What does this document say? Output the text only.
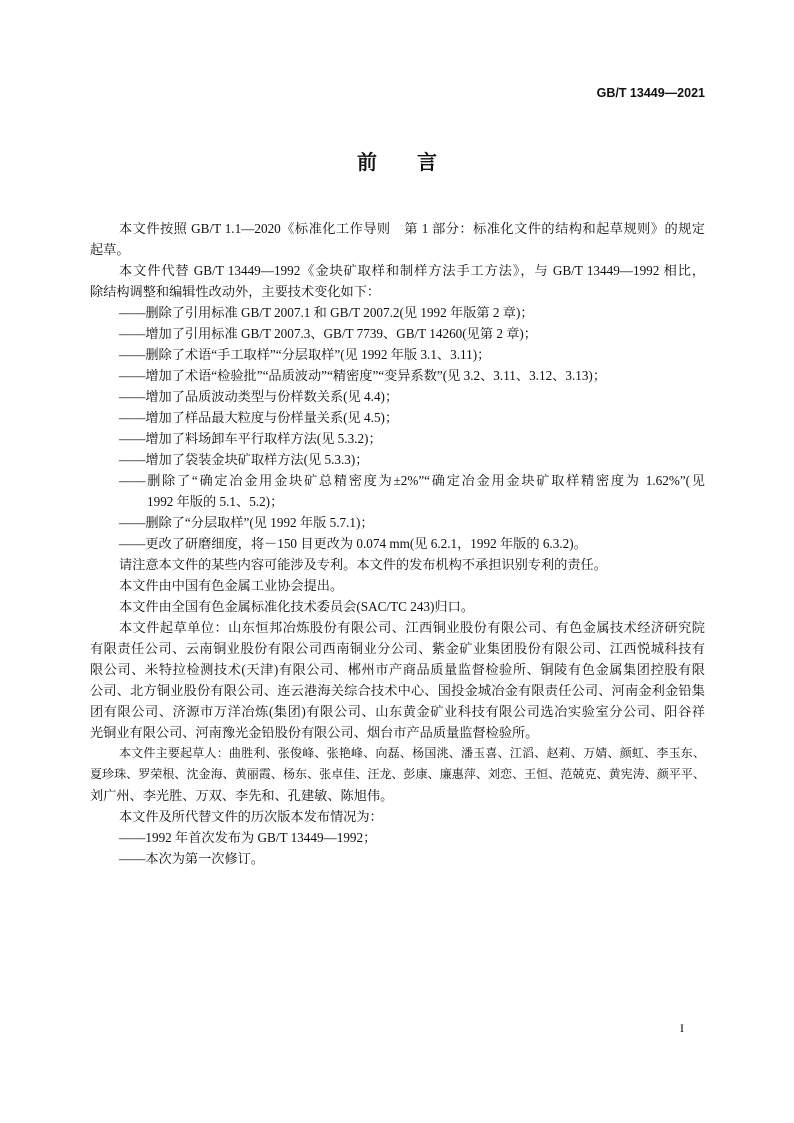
GB/T 13449—2021
前　言
本文件按照 GB/T 1.1—2020《标准化工作导则　第 1 部分：标准化文件的结构和起草规则》的规定
起草。
本文件代替 GB/T 13449—1992《金块矿取样和制样方法手工方法》，与 GB/T 13449—1992 相比，
除结构调整和编辑性改动外，主要技术变化如下：
——删除了引用标准 GB/T 2007.1 和 GB/T 2007.2(见 1992 年版第 2 章)；
——增加了引用标准 GB/T 2007.3、GB/T 7739、GB/T 14260(见第 2 章)；
——删除了术语“手工取样”“分层取样”(见 1992 年版 3.1、3.11)；
——增加了术语“检验批”“品质波动”“精密度”“变异系数”(见 3.2、3.11、3.12、3.13)；
——增加了品质波动类型与份样数关系(见 4.4)；
——增加了样品最大粒度与份样量关系(见 4.5)；
——增加了料场卸车平行取样方法(见 5.3.2)；
——增加了袋装金块矿取样方法(见 5.3.3)；
——删除了“确定冶金用金块矿总精密度为±2%”“确定冶金用金块矿取样精密度为 1.62%”(见
1992 年版的 5.1、5.2)；
——删除了“分层取样”(见 1992 年版 5.7.1)；
——更改了研磨细度，将－150 目更改为 0.074 mm(见 6.2.1，1992 年版的 6.3.2)。
请注意本文件的某些内容可能涉及专利。本文件的发布机构不承担识别专利的责任。
本文件由中国有色金属工业协会提出。
本文件由全国有色金属标准化技术委员会(SAC/TC 243)归口。
本文件起草单位：山东恒邦冶炼股份有限公司、江西铜业股份有限公司、有色金属技术经济研究院
有限责任公司、云南铜业股份有限公司西南铜业分公司、紫金矿业集团股份有限公司、江西悦城科技有
限公司、米特拉检测技术(天津)有限公司、郴州市产商品质量监督检验所、铜陵有色金属集团控股有限
公司、北方铜业股份有限公司、连云港海关综合技术中心、国投金城冶金有限责任公司、河南金利金铅集
团有限公司、济源市万洋冶炼(集团)有限公司、山东黄金矿业科技有限公司选冶实验室分公司、阳谷祥
光铜业有限公司、河南豫光金铅股份有限公司、烟台市产品质量监督检验所。
本文件主要起草人：曲胜利、张俊峰、张艳峰、向磊、杨国洮、潘玉喜、江滔、赵莉、万婧、颜虹、李玉东、
夏珍珠、罗荣根、沈金海、黄丽霞、杨东、张卓佳、汪龙、彭康、廉惠萍、刘恋、王恒、范兢克、黄宪涛、颜平平、
刘广州、李光胜、万双、李先和、孔建敏、陈旭伟。
本文件及所代替文件的历次版本发布情况为：
——1992 年首次发布为 GB/T 13449—1992；
——本次为第一次修订。
I
